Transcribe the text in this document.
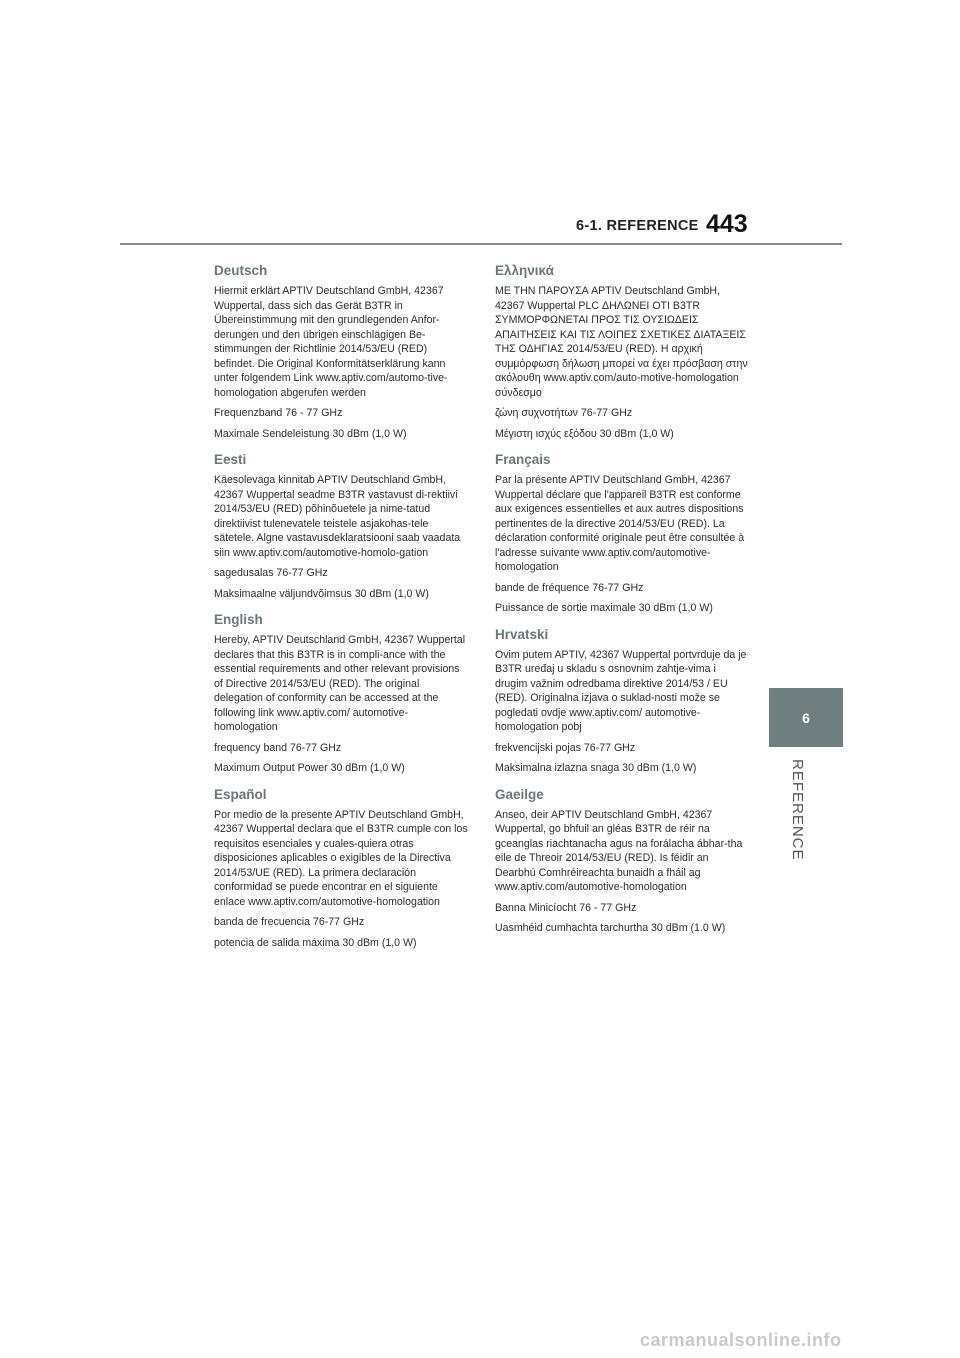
6-1. REFERENCE 443
6
REFERENCE
Deutsch

Hiermit erklärt APTIV Deutschland GmbH, 42367 Wuppertal, dass sich das Gerät B3TR in Übereinstimmung mit den grundlegenden Anfor-derungen und den übrigen einschlägigen Be-stimmungen der Richtlinie 2014/53/EU (RED) befindet. Die Original Konformitätserklärung kann unter folgendem Link www.aptiv.com/automo-tive-homologation abgerufen werden

Frequenzband 76 - 77 GHz

Maximale Sendeleistung 30 dBm (1,0 W)

Eesti

Käesolevaga kinnitab APTIV Deutschland GmbH, 42367 Wuppertal seadme B3TR vastavust di-rektiivi 2014/53/EU (RED) põhinõuetele ja nime-tatud direktiivist tulenevatele teistele asjakohas-tele sätetele. Algne vastavusdeklaratsiooni saab vaadata siin www.aptiv.com/automotive-homolo-gation

sagedusalas 76-77 GHz

Maksimaalne väljundvõimsus 30 dBm (1,0 W)

English

Hereby, APTIV Deutschland GmbH, 42367 Wuppertal declares that this B3TR is in compli-ance with the essential requirements and other relevant provisions of Directive 2014/53/EU (RED). The original delegation of conformity can be accessed at the following link www.aptiv.com/ automotive-homologation

frequency band 76-77 GHz

Maximum Output Power 30 dBm (1,0 W)

Español

Por medio de la presente APTIV Deutschland GmbH, 42367 Wuppertal declara que el B3TR cumple con los requisitos esenciales y cuales-quiera otras disposiciones aplicables o exigibles de la Directiva 2014/53/UE (RED). La primera declaración conformidad se puede encontrar en el siguiente enlace www.aptiv.com/automotive-homologation

banda de frecuencia 76-77 GHz

potencia de salida máxima 30 dBm (1,0 W)

Ελληνικά

ΜΕ ΤΗΝ ΠΑΡΟΥΣΑ APTIV Deutschland GmbH, 42367 Wuppertal PLC ΔΗΛΩΝΕΙ ΟΤΙ B3TR ΣΥΜΜΟΡΦΩΝΕΤΑΙ ΠΡΟΣ ΤΙΣ ΟΥΣΙΩΔΕΙΣ ΑΠΑΙΤΗΣΕΙΣ ΚΑΙ ΤΙΣ ΛΟΙΠΕΣ ΣΧΕΤΙΚΕΣ ΔΙΑΤΑΞΕΙΣ ΤΗΣ ΟΔΗΓΙΑΣ 2014/53/EU (RED). Η αρχική συμμόρφωση δήλωση μπορεί να έχει πρόσβαση στην ακόλουθη www.aptiv.com/auto-motive-homologation σύνδεσμο

ζώνη συχνοτήτων 76-77 GHz

Μέγιστη ισχύς εξόδου 30 dBm (1,0 W)

Français

Par la présente APTIV Deutschland GmbH, 42367 Wuppertal déclare que l'appareil B3TR est conforme aux exigences essentielles et aux autres dispositions pertinentes de la directive 2014/53/EU (RED). La déclaration conformité originale peut être consultée à l'adresse suivante www.aptiv.com/automotive-homologation

bande de fréquence 76-77 GHz

Puissance de sortie maximale 30 dBm (1,0 W)

Hrvatski

Ovim putem APTIV, 42367 Wuppertal portvrduje da je B3TR uređaj u skladu s osnovnim zahtje-vima i drugim važnim odredbama direktive 2014/53 / EU (RED). Originalna izjava o suklad-nosti može se pogledati ovdje www.aptiv.com/ automotive-homologation pobj

frekvencijski pojas 76-77 GHz

Maksimalna izlazna snaga 30 dBm (1,0 W)

Gaeilge

Anseo, deir APTIV Deutschland GmbH, 42367 Wuppertal, go bhfuil an gléas B3TR de réir na gceanglas riachtanacha agus na forálacha ábhar-tha eile de Threoir 2014/53/EU (RED). Is féidir an Dearbhú Comhréireachta bunaidh a fháil ag www.aptiv.com/automotive-homologation

Banna Minicíocht 76 - 77 GHz

Uasmhéid cumhachta tarchurtha 30 dBm (1.0 W)

carmanualsonline.info
